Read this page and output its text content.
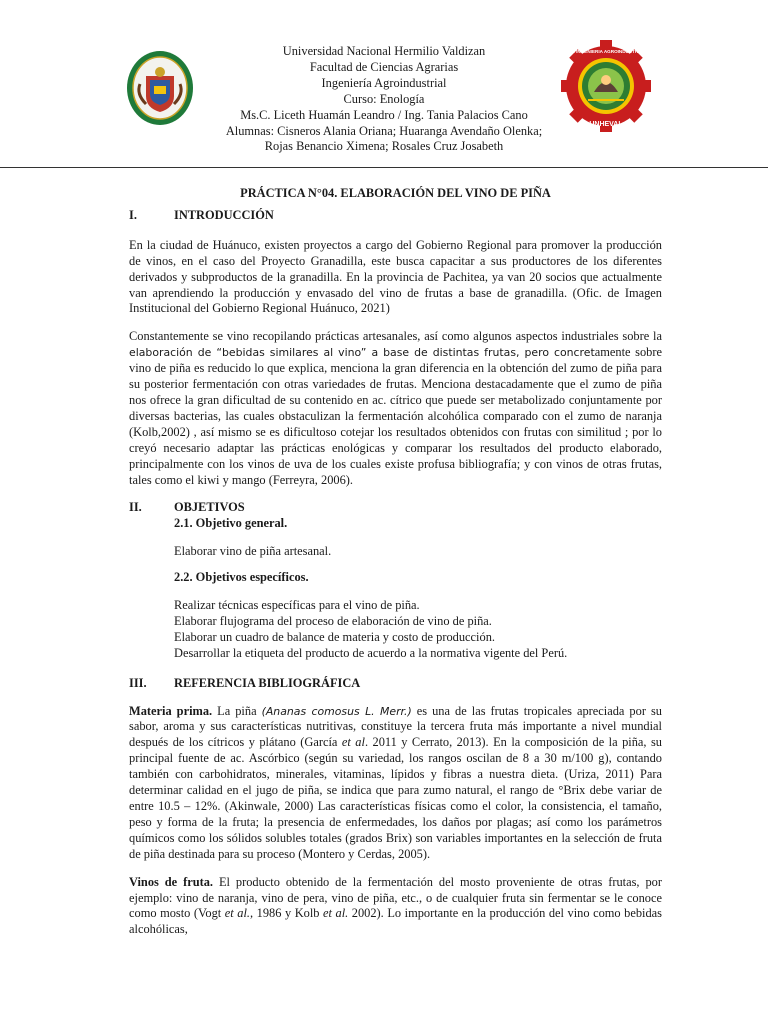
Universidad Nacional Hermilio Valdizan
Facultad de Ciencias Agrarias
Ingeniería Agroindustrial
Curso: Enología
Ms.C. Liceth Huamán Leandro / Ing. Tania Palacios Cano
Alumnas: Cisneros Alania Oriana; Huaranga Avendaño Olenka;
Rojas Benancio Ximena; Rosales Cruz Josabeth
UNHEVAL
C.P. INGENIERIA AGROINDUSTRIAL

PRÁCTICA N°04. ELABORACIÓN DEL VINO DE PIÑA

I.	INTRODUCCIÓN

En la ciudad de Huánuco, existen proyectos a cargo del Gobierno Regional para promover la producción de vinos, en el caso del Proyecto Granadilla, este busca capacitar a sus productores de los diferentes derivados y subproductos de la granadilla. En la provincia de Pachitea, ya van 20 socios que actualmente van aprendiendo la producción y envasado del vino de frutas a base de granadilla. (Ofic. de Imagen Institucional del Gobierno Regional Huánuco, 2021)

Constantemente se vino recopilando prácticas artesanales, así como algunos aspectos industriales sobre la elaboración de “bebidas similares al vino” a base de distintas frutas, pero concretamente sobre vino de piña es reducido lo que explica, menciona la gran diferencia en la obtención del zumo de piña para su posterior fermentación con otras variedades de frutas. Menciona destacadamente que el zumo de piña nos ofrece la gran dificultad de su contenido en ac. cítrico que puede ser metabolizado conjuntamente por diversas bacterias, las cuales obstaculizan la fermentación alcohólica comparado con el zumo de naranja (Kolb,2002) , así mismo se es dificultoso cotejar los resultados obtenidos con frutas con similitud ; por lo creyó necesario adaptar las prácticas enológicas y comparar los resultados del producto elaborado, principalmente con los vinos de uva de los cuales existe profusa bibliografía; y con vinos de otras frutas, tales como el kiwi y mango (Ferreyra, 2006).

II.	OBJETIVOS

2.1. Objetivo general.

Elaborar vino de piña artesanal.

2.2. Objetivos específicos.

Realizar técnicas específicas para el vino de piña.

Elaborar flujograma del proceso de elaboración de vino de piña.

Elaborar un cuadro de balance de materia y costo de producción.

Desarrollar la etiqueta del producto de acuerdo a la normativa vigente del Perú.

III.	REFERENCIA BIBLIOGRÁFICA

Materia prima. La piña (Ananas comosus L. Merr.) es una de las frutas tropicales apreciada por su sabor, aroma y sus características nutritivas, constituye la tercera fruta más importante a nivel mundial después de los cítricos y plátano (García et al. 2011 y Cerrato, 2013). En la composición de la piña, su principal fuente de ac. Ascórbico (según su variedad, los rangos oscilan de 8 a 30 m/100 g), contando también con carbohidratos, minerales, vitaminas, lípidos y fibras a nuestra dieta. (Uriza, 2011) Para determinar calidad en el jugo de piña, se indica que para zumo natural, el rango de °Brix debe variar de entre 10.5 – 12%. (Akinwale, 2000) Las características físicas como el color, la consistencia, el tamaño, peso y forma de la fruta; la presencia de enfermedades, los daños por plagas; así como los parámetros químicos como los sólidos solubles totales (grados Brix) son variables importantes en la selección de fruta de piña destinada para su proceso (Montero y Cerdas, 2005).

Vinos de fruta. El producto obtenido de la fermentación del mosto proveniente de otras frutas, por ejemplo: vino de naranja, vino de pera, vino de piña, etc., o de cualquier fruta sin fermentar se le conoce como mosto (Vogt et al., 1986 y Kolb et al. 2002). Lo importante en la producción del vino como bebidas alcohólicas,
